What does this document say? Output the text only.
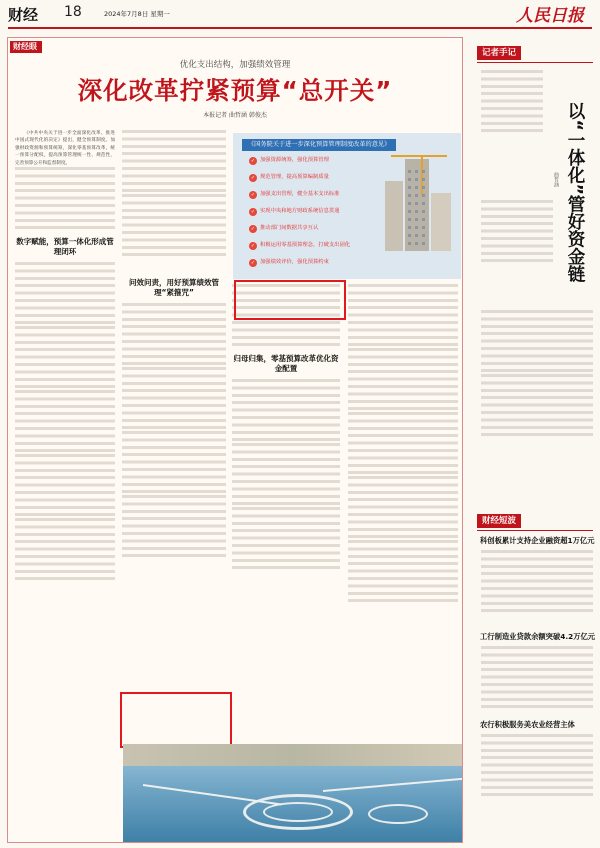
财经 18	2024年7月8日 星期一	人民日报
财经眼
优化支出结构，加强绩效管理
深化改革拧紧预算“总开关”
本报记者 曲哲涵 韩俊杰

《中共中央关于进一步全面深化改革、推进中国式现代化的决定》提出，健全预算制度。加强财政资源和预算统筹，深化零基预算改革，统一预算分配权，提高预算管理统一性、规范性，完善预算公开和监督制度。

数字赋能，预算一体化形成管理闭环
问效问责，用好预算绩效管理“紧箍咒”
归母归集，零基预算改革优化资金配置
《国务院关于进一步深化预算管理制度改革的意见》
✓ 加强资源统筹，强化预算管理
✓ 规范管理，提高预算编制质量
✓ 加强支出管理，健全基本支出标准
✓ 实现中央和地方财政系统信息贯通
✓ 推动部门间数据共享互认
✓ 积极运用零基预算理念，打破支出固化
✓ 加强绩效评价，强化预算约束
记者手记
以“一体化”管好资金链
曲哲涵
财经短波
科创板累计支持企业融资超1万亿元
工行制造业贷款余额突破4.2万亿元
农行积极服务美农业经营主体
